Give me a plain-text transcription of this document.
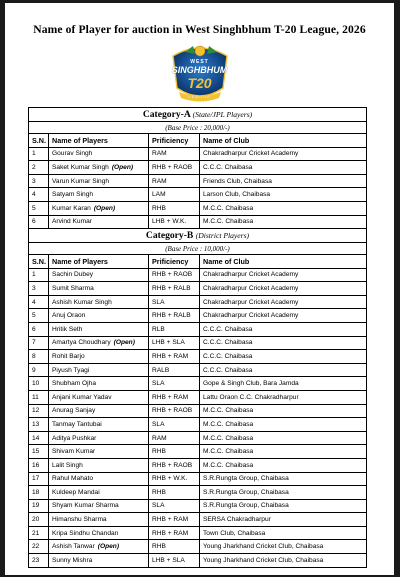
Name of Player for auction in West Singhbhum T-20 League, 2026
WEST
SINGHBHUM
T20
LEAGUE
Category-A (State/JPL Players)			
(Base Price : 20,000/-)			
S.N.	Name of Players	Prificiency	Name of Club
1	Gourav Singh	RAM	Chakradharpur Cricket Academy
2	Saket Kumar Singh (Open)	RHB + RAOB	C.C.C. Chaibasa
3	Varun Kumar Singh	RAM	Friends Club, Chaibasa
4	Satyam Singh	LAM	Larson Club, Chaibasa
5	Kumar Karan (Open)	RHB	M.C.C. Chaibasa
6	Arvind Kumar	LHB + W.K.	M.C.C. Chaibasa
Category-B (District Players)			
(Base Price : 10,000/-)			
S.N.	Name of Players	Prificiency	Name of Club
1	Sachin Dubey	RHB + RAOB	Chakradharpur Cricket Academy
3	Sumit Sharma	RHB + RALB	Chakradharpur Cricket Academy
4	Ashish Kumar Singh	SLA	Chakradharpur Cricket Academy
5	Anuj Oraon	RHB + RALB	Chakradharpur Cricket Academy
6	Hritik Seth	RLB	C.C.C. Chaibasa
7	Amartya Choudhary (Open)	LHB + SLA	C.C.C. Chaibasa
8	Rohit Barjo	RHB + RAM	C.C.C. Chaibasa
9	Piyush Tyagi	RALB	C.C.C. Chaibasa
10	Shubham Ojha	SLA	Gope & Singh Club, Bara Jamda
11	Anjani Kumar Yadav	RHB + RAM	Lattu Oraon C.C. Chakradharpur
12	Anurag Sanjay	RHB + RAOB	M.C.C. Chaibasa
13	Tanmay Tantubai	SLA	M.C.C. Chaibasa
14	Aditya Pushkar	RAM	M.C.C. Chaibasa
15	Shivam Kumar	RHB	M.C.C. Chaibasa
16	Lalit Singh	RHB + RAOB	M.C.C. Chaibasa
17	Rahul Mahato	RHB + W.K.	S.R.Rungta Group, Chaibasa
18	Kuldeep Mandai	RHB	S.R.Rungta Group, Chaibasa
19	Shyam Kumar Sharma	SLA	S.R.Rungta Group, Chaibasa
20	Himanshu Sharma	RHB + RAM	SERSA Chakradharpur
21	Kripa Sindhu Chandan	RHB + RAM	Town Club, Chaibasa
22	Ashish Tanwar (Open)	RHB	Young Jharkhand Cricket Club, Chaibasa
23	Sunny Mishra	LHB + SLA	Young Jharkhand Cricket Club, Chaibasa
